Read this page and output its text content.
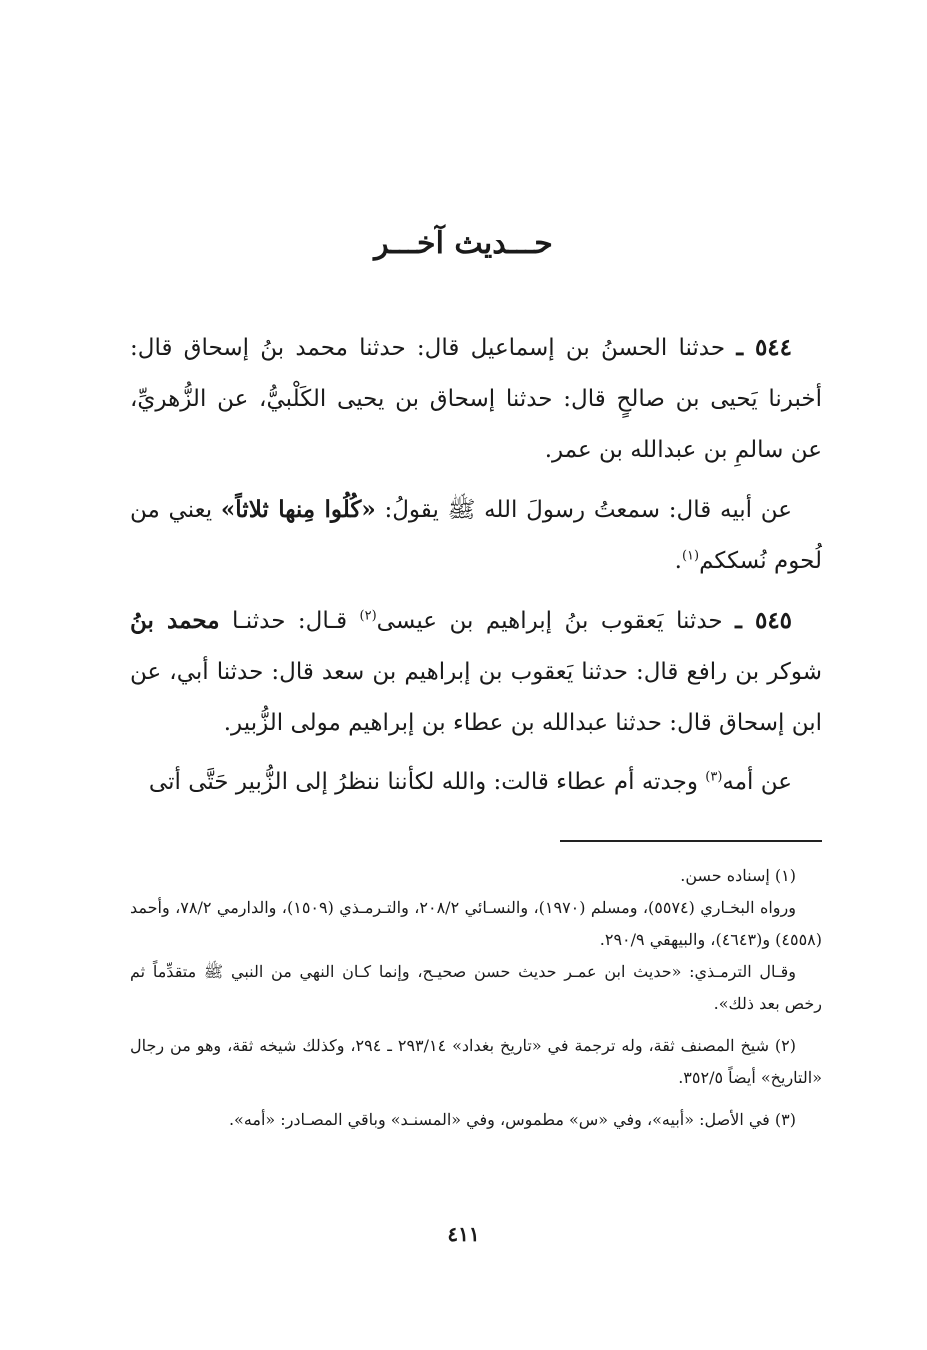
حـــديث آخـــر

٥٤٤ ـ حدثنا الحسنُ بن إسماعيل قال: حدثنا محمد بنُ إسحاق قال: أخبرنا يَحيى بن صالحٍ قال: حدثنا إسحاق بن يحيى الكَلْبيُّ، عن الزُّهريِّ، عن سالمِ بن عبدالله بن عمر.

عن أبيه قال: سمعتُ رسولَ الله ﷺ يقولُ: «كُلُوا مِنها ثلاثاً» يعني من لُحوم نُسككم$^{(١)}$.

٥٤٥ ـ حدثنا يَعقوب بنُ إبراهيم بن عيسى$^{(٢)}$ قـال: حدثنـا محمد بنُ شوكر بن رافع قال: حدثنا يَعقوب بن إبراهيم بن سعد قال: حدثنا أبي، عن ابن إسحاق قال: حدثنا عبدالله بن عطاء بن إبراهيم مولى الزُّبير.

عن أمه$^{(٣)}$ وجدته أم عطاء قالت: والله لكأننا ننظرُ إلى الزُّبير حَتَّى أتى

(١) إسناده حسن.

ورواه البخـاري (٥٥٧٤)، ومسلم (١٩٧٠)، والنسـائي ٢٠٨/٢، والتـرمـذي (١٥٠٩)، والدارمي ٧٨/٢، وأحمد (٤٥٥٨) و(٤٦٤٣)، والبيهقي ٢٩٠/٩.

وقـال الترمـذي: «حديث ابن عمـر حديث حسن صحيـح، وإنما كـان النهي من النبي ﷺ متقدِّماً ثم رخص بعد ذلك».

(٢) شيخ المصنف ثقة، وله ترجمة في «تاريخ بغداد» ٢٩٣/١٤ ـ ٢٩٤، وكذلك شيخه ثقة، وهو من رجال «التاريخ» أيضاً ٣٥٢/٥.

(٣) في الأصل: «أبيه»، وفي «س» مطموس، وفي «المسنـد» وباقي المصـادر: «أمه».

٤١١
